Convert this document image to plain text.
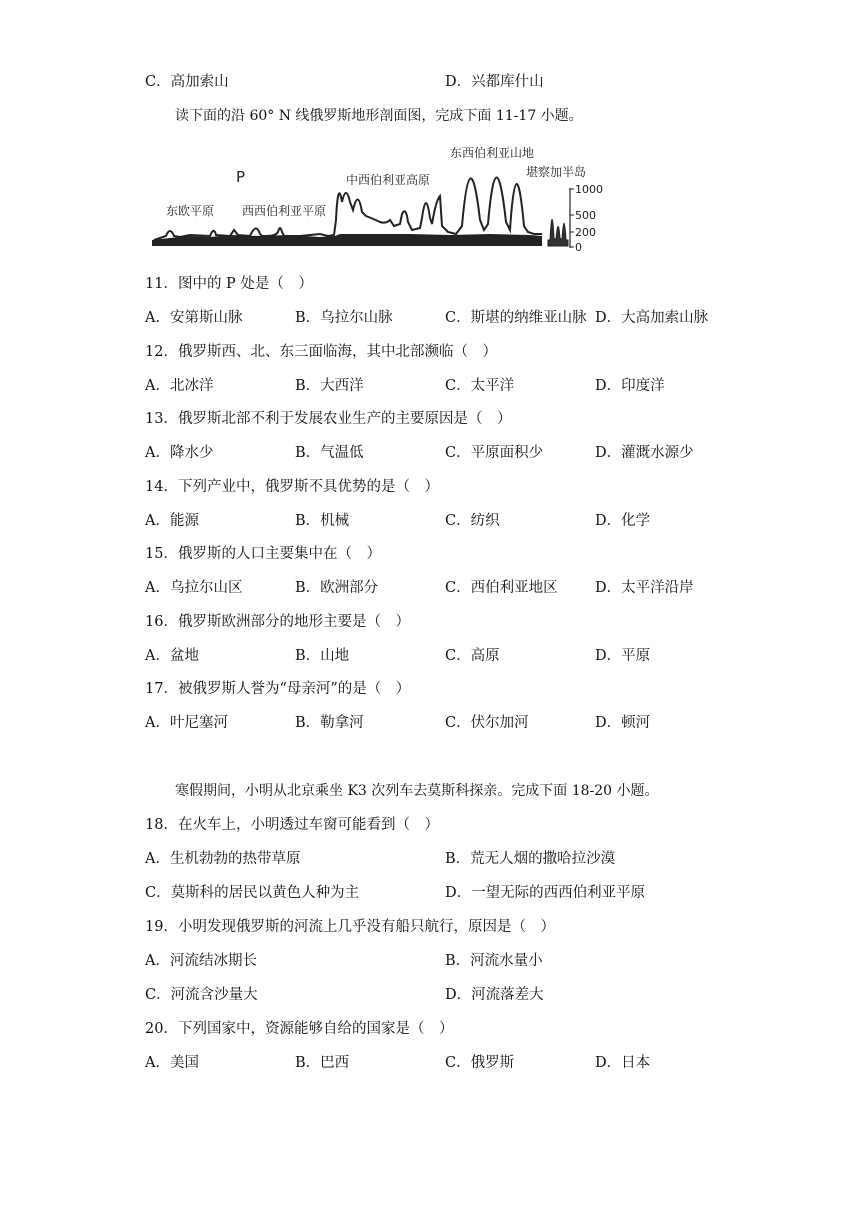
C．高加索山	D．兴都库什山
读下面的沿 60° N 线俄罗斯地形剖面图，完成下面 11-17 小题。
P
东欧平原 西西伯利亚平原
中西伯利亚高原
东西伯利亚山地
堪察加半岛
1000
500
200
0
11．图中的 P 处是（　）
A．安第斯山脉	B．乌拉尔山脉	C．斯堪的纳维亚山脉 D．大高加索山脉
12．俄罗斯西、北、东三面临海，其中北部濒临（　）
A．北冰洋	B．大西洋	C．太平洋	D．印度洋
13．俄罗斯北部不利于发展农业生产的主要原因是（　）
A．降水少	B．气温低	C．平原面积少	D．灌溉水源少
14．下列产业中，俄罗斯不具优势的是（　）
A．能源	B．机械	C．纺织	D．化学
15．俄罗斯的人口主要集中在（　）
A．乌拉尔山区	B．欧洲部分	C．西伯利亚地区	D．太平洋沿岸
16．俄罗斯欧洲部分的地形主要是（　）
A．盆地	B．山地	C．高原	D．平原
17．被俄罗斯人誉为“母亲河”的是（　）
A．叶尼塞河	B．勒拿河	C．伏尔加河	D．顿河
寒假期间，小明从北京乘坐 K3 次列车去莫斯科探亲。完成下面 18-20 小题。
18．在火车上，小明透过车窗可能看到（　）
A．生机勃勃的热带草原	B．荒无人烟的撒哈拉沙漠
C．莫斯科的居民以黄色人种为主	D．一望无际的西西伯利亚平原
19．小明发现俄罗斯的河流上几乎没有船只航行，原因是（　）
A．河流结冰期长	B．河流水量小
C．河流含沙量大	D．河流落差大
20．下列国家中，资源能够自给的国家是（　）
A．美国	B．巴西	C．俄罗斯	D．日本
